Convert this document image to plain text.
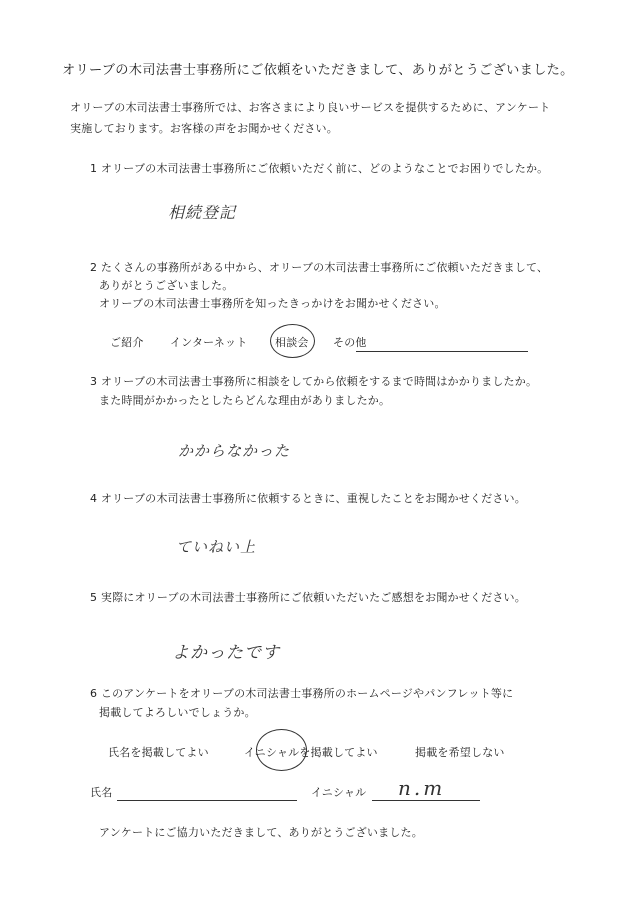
オリーブの木司法書士事務所にご依頼をいただきまして、ありがとうございました。
オリーブの木司法書士事務所では、お客さまにより良いサービスを提供するために、アンケート
実施しております。お客様の声をお聞かせください。
1 オリーブの木司法書士事務所にご依頼いただく前に、どのようなことでお困りでしたか。
相続登記
2 たくさんの事務所がある中から、オリーブの木司法書士事務所にご依頼いただきまして、
ありがとうございました。
オリーブの木司法書士事務所を知ったきっかけをお聞かせください。
ご紹介 インターネット	相談会 その他
3 オリーブの木司法書士事務所に相談をしてから依頼をするまで時間はかかりましたか。
また時間がかかったとしたらどんな理由がありましたか。
かからなかった
4 オリーブの木司法書士事務所に依頼するときに、重視したことをお聞かせください。
ていねい上
5 実際にオリーブの木司法書士事務所にご依頼いただいたご感想をお聞かせください。
よかったです
6 このアンケートをオリーブの木司法書士事務所のホームページやパンフレット等に
掲載してよろしいでしょうか。
氏名を掲載してよい	イニシャルを掲載してよい	掲載を希望しない
氏名	イニシャル n.m
アンケートにご協力いただきまして、ありがとうございました。
